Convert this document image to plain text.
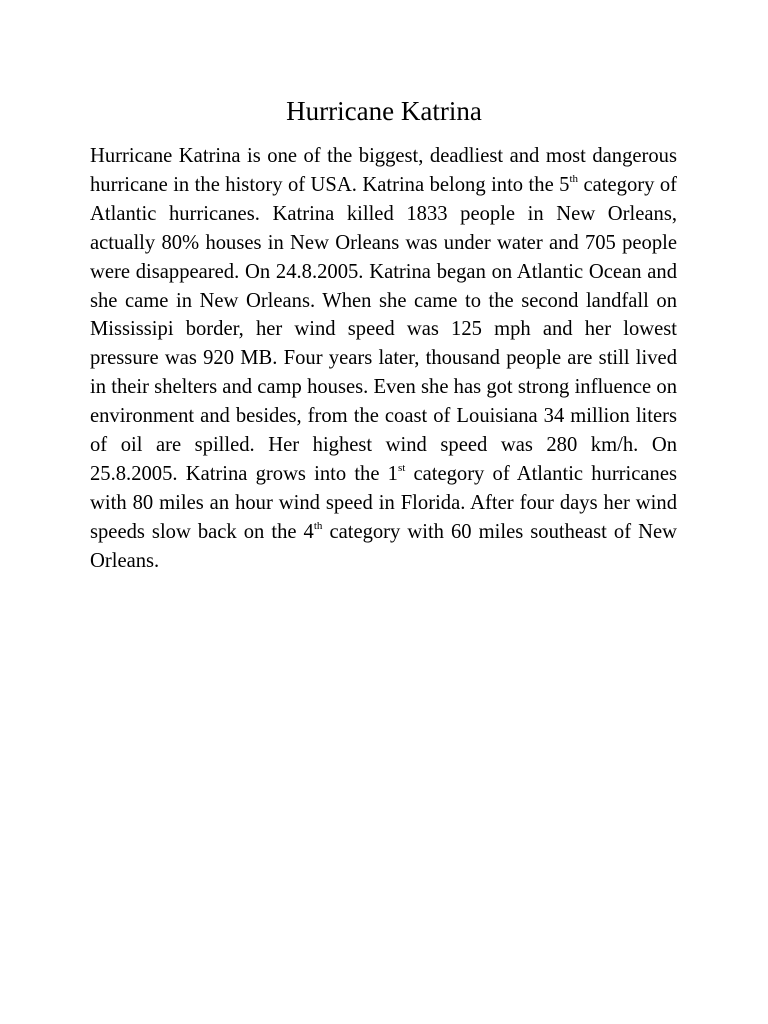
Hurricane Katrina

Hurricane Katrina is one of the biggest, deadliest and most dangerous hurricane in the history of USA. Katrina belong into the 5th category of Atlantic hurricanes. Katrina killed 1833 people in New Orleans, actually 80% houses in New Orleans was under water and 705 people were disappeared. On 24.8.2005. Katrina began on Atlantic Ocean and she came in New Orleans. When she came to the second landfall on Mississipi border, her wind speed was 125 mph and her lowest pressure was 920 MB. Four years later, thousand people are still lived in their shelters and camp houses. Even she has got strong influence on environment and besides, from the coast of Louisiana 34 million liters of oil are spilled. Her highest wind speed was 280 km/h. On 25.8.2005. Katrina grows into the 1st category of Atlantic hurricanes with 80 miles an hour wind speed in Florida. After four days her wind speeds slow back on the 4th category with 60 miles southeast of New Orleans.
